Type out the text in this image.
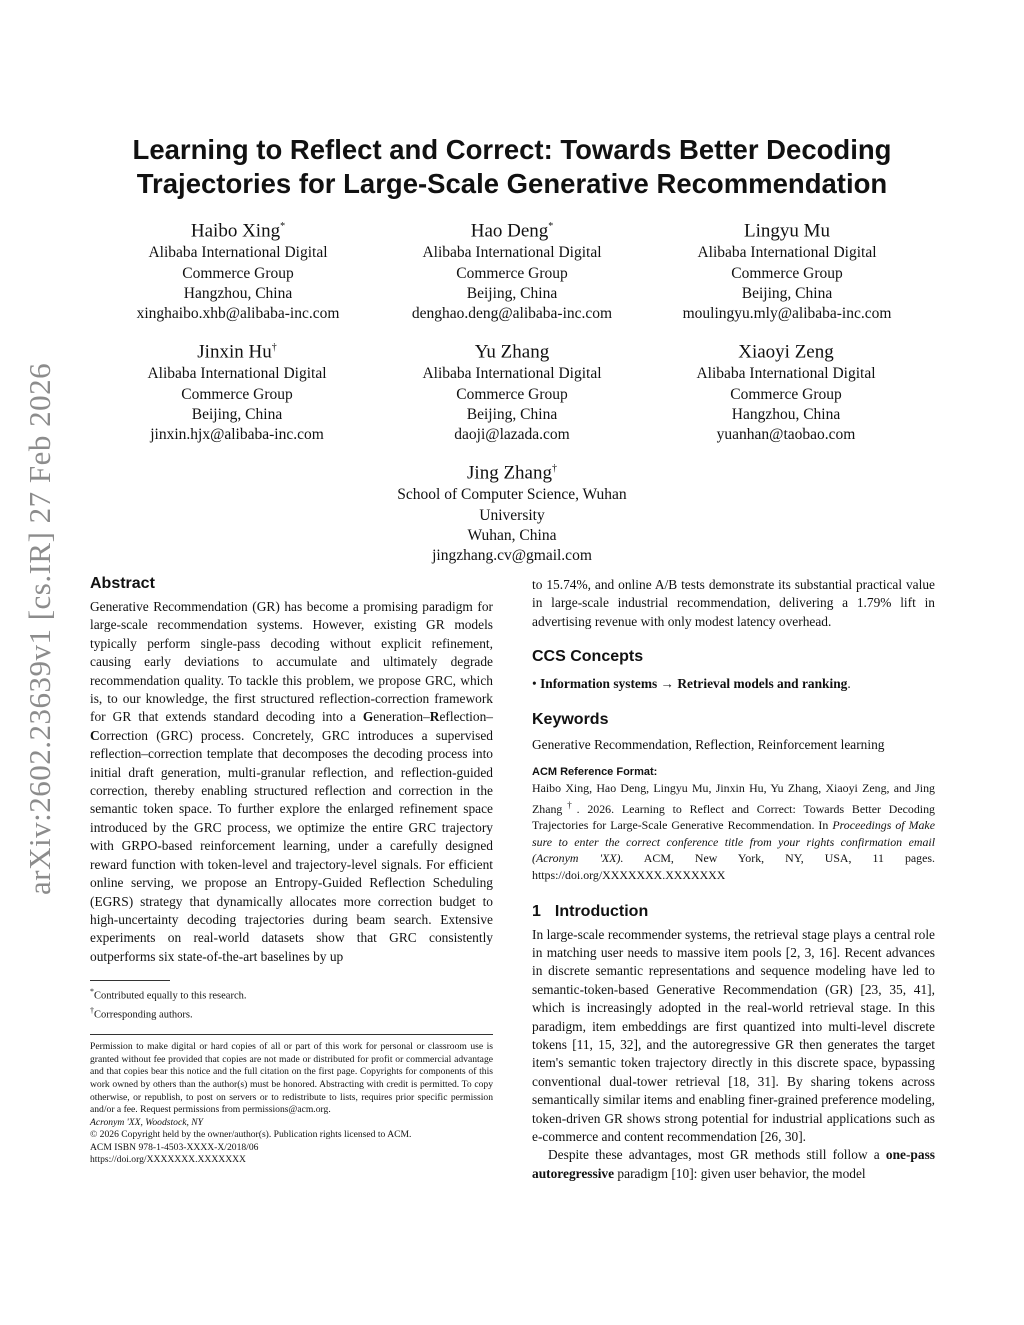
arXiv:2602.23639v1 [cs.IR] 27 Feb 2026
Learning to Reflect and Correct: Towards Better Decoding
Trajectories for Large-Scale Generative Recommendation
Haibo Xing*
Alibaba International Digital
Commerce Group
Hangzhou, China
xinghaibo.xhb@alibaba-inc.com
Hao Deng*
Alibaba International Digital
Commerce Group
Beijing, China
denghao.deng@alibaba-inc.com
Lingyu Mu
Alibaba International Digital
Commerce Group
Beijing, China
moulingyu.mly@alibaba-inc.com
Jinxin Hu†
Alibaba International Digital
Commerce Group
Beijing, China
jinxin.hjx@alibaba-inc.com
Yu Zhang
Alibaba International Digital
Commerce Group
Beijing, China
daoji@lazada.com
Xiaoyi Zeng
Alibaba International Digital
Commerce Group
Hangzhou, China
yuanhan@taobao.com
Jing Zhang†
School of Computer Science, Wuhan
University
Wuhan, China
jingzhang.cv@gmail.com
Abstract

Generative Recommendation (GR) has become a promising paradigm for large-scale recommendation systems. However, existing GR models typically perform single-pass decoding without explicit refinement, causing early deviations to accumulate and ultimately degrade recommendation quality. To tackle this problem, we propose GRC, which is, to our knowledge, the first structured reflection-correction framework for GR that extends standard decoding into a Generation–Reflection–Correction (GRC) process. Concretely, GRC introduces a supervised reflection–correction template that decomposes the decoding process into initial draft generation, multi-granular reflection, and reflection-guided correction, thereby enabling structured reflection and correction in the semantic token space. To further explore the enlarged refinement space introduced by the GRC process, we optimize the entire GRC trajectory with GRPO-based reinforcement learning, under a carefully designed reward function with token-level and trajectory-level signals. For efficient online serving, we propose an Entropy-Guided Reflection Scheduling (EGRS) strategy that dynamically allocates more correction budget to high-uncertainty decoding trajectories during beam search. Extensive experiments on real-world datasets show that GRC consistently outperforms six state-of-the-art baselines by up

*Contributed equally to this research.

†Corresponding authors.

Permission to make digital or hard copies of all or part of this work for personal or classroom use is granted without fee provided that copies are not made or distributed for profit or commercial advantage and that copies bear this notice and the full citation on the first page. Copyrights for components of this work owned by others than the author(s) must be honored. Abstracting with credit is permitted. To copy otherwise, or republish, to post on servers or to redistribute to lists, requires prior specific permission and/or a fee. Request permissions from permissions@acm.org.

Acronym 'XX, Woodstock, NY

© 2026 Copyright held by the owner/author(s). Publication rights licensed to ACM.

ACM ISBN 978-1-4503-XXXX-X/2018/06

https://doi.org/XXXXXXX.XXXXXXX

to 15.74%, and online A/B tests demonstrate its substantial practical value in large-scale industrial recommendation, delivering a 1.79% lift in advertising revenue with only modest latency overhead.

CCS Concepts

• Information systems → Retrieval models and ranking.

Keywords

Generative Recommendation, Reflection, Reinforcement learning

ACM Reference Format:

Haibo Xing, Hao Deng, Lingyu Mu, Jinxin Hu, Yu Zhang, Xiaoyi Zeng, and Jing Zhang†. 2026. Learning to Reflect and Correct: Towards Better Decoding Trajectories for Large-Scale Generative Recommendation. In Proceedings of Make sure to enter the correct conference title from your rights confirmation email (Acronym 'XX). ACM, New York, NY, USA, 11 pages. https://doi.org/XXXXXXX.XXXXXXX

1 Introduction

In large-scale recommender systems, the retrieval stage plays a central role in matching user needs to massive item pools [2, 3, 16]. Recent advances in discrete semantic representations and sequence modeling have led to semantic-token-based Generative Recommendation (GR) [23, 35, 41], which is increasingly adopted in the real-world retrieval stage. In this paradigm, item embeddings are first quantized into multi-level discrete tokens [11, 15, 32], and the autoregressive GR then generates the target item's semantic token trajectory directly in this discrete space, bypassing conventional dual-tower retrieval [18, 31]. By sharing tokens across semantically similar items and enabling finer-grained preference modeling, token-driven GR shows strong potential for industrial applications such as e-commerce and content recommendation [26, 30].

Despite these advantages, most GR methods still follow a one-pass autoregressive paradigm [10]: given user behavior, the model
